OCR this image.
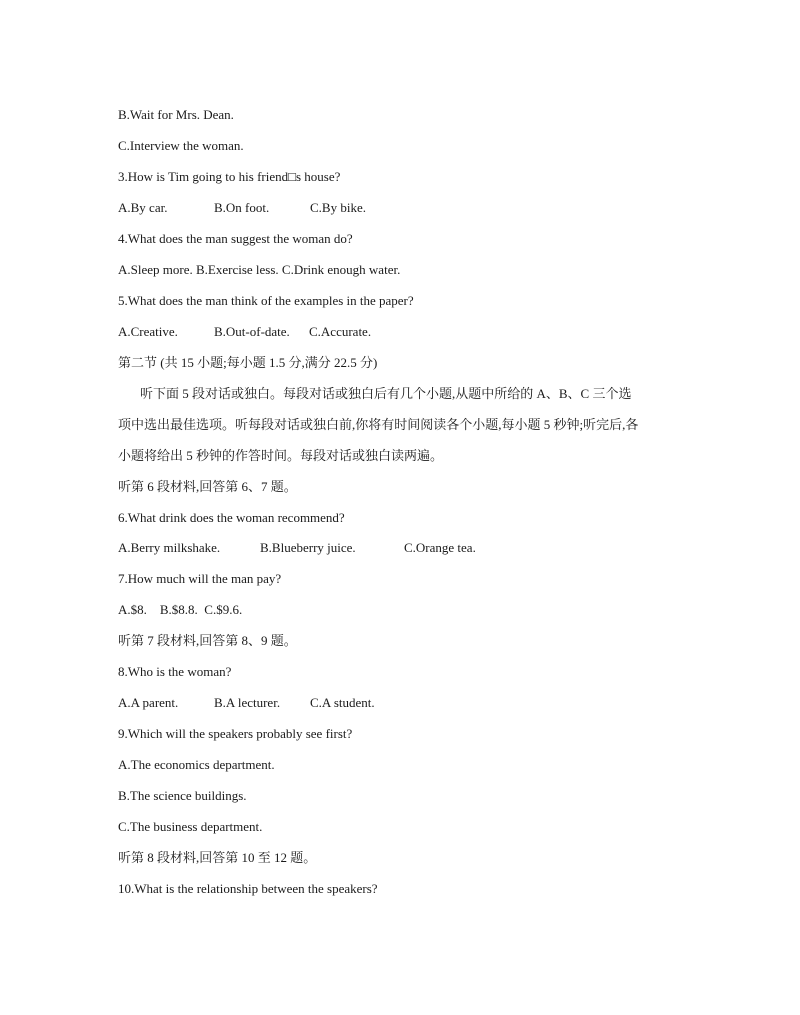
B.Wait for Mrs. Dean.
C.Interview the woman.
3.How is Tim going to his friend□s house?
A.By car.	B.On foot.	C.By bike.
4.What does the man suggest the woman do?
A.Sleep more. B.Exercise less. C.Drink enough water.
5.What does the man think of the examples in the paper?
A.Creative.	B.Out-of-date. C.Accurate.
第二节 (共 15 小题;每小题 1.5 分,满分 22.5 分)
听下面 5 段对话或独白。每段对话或独白后有几个小题,从题中所给的 A、B、C 三个选
项中选出最佳选项。听每段对话或独白前,你将有时间阅读各个小题,每小题 5 秒钟;听完后,各
小题将给出 5 秒钟的作答时间。每段对话或独白读两遍。
听第 6 段材料,回答第 6、7 题。
6.What drink does the woman recommend?
A.Berry milkshake.	B.Blueberry juice.	C.Orange tea.
7.How much will the man pay?
A.$8.    B.$8.8.  C.$9.6.
听第 7 段材料,回答第 8、9 题。
8.Who is the woman?
A.A parent.	B.A lecturer. C.A student.
9.Which will the speakers probably see first?
A.The economics department.
B.The science buildings.
C.The business department.
听第 8 段材料,回答第 10 至 12 题。
10.What is the relationship between the speakers?
